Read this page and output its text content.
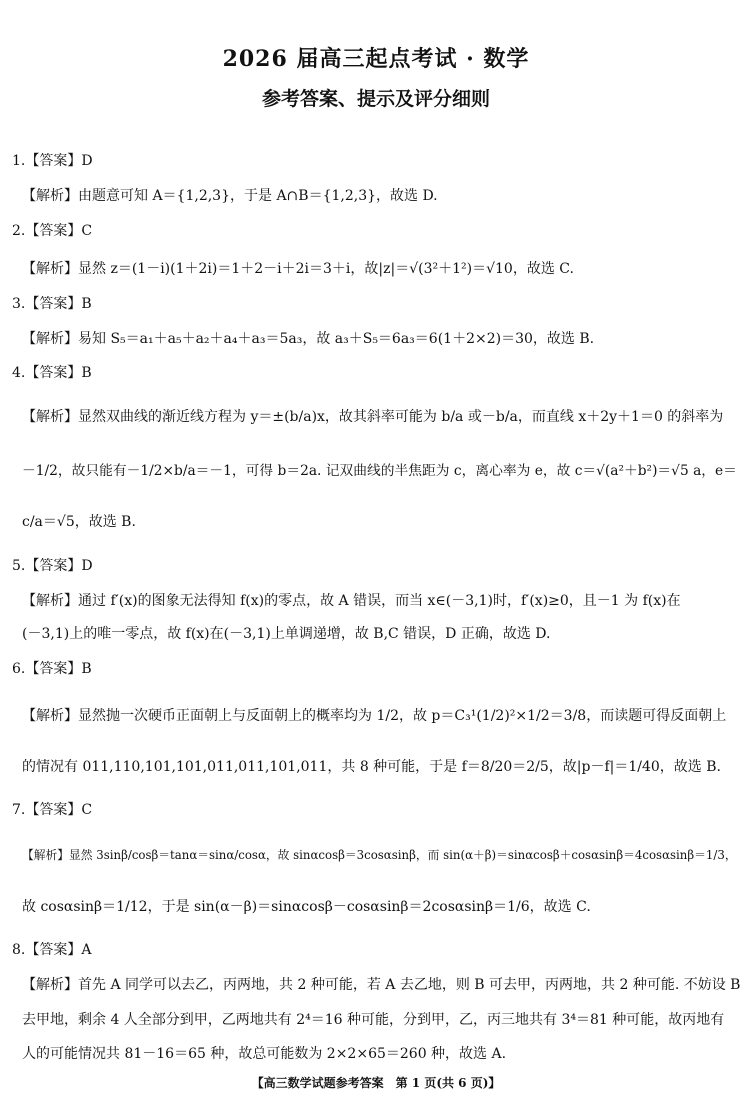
2026 届高三起点考试 · 数学
参考答案、提示及评分细则
1.【答案】D
【解析】由题意可知 A＝{1,2,3}，于是 A∩B＝{1,2,3}，故选 D.
2.【答案】C
【解析】显然 z＝(1－i)(1＋2i)＝1＋2－i＋2i＝3＋i，故|z|＝√(3²＋1²)＝√10，故选 C.
3.【答案】B
【解析】易知 S₅＝a₁＋a₅＋a₂＋a₄＋a₃＝5a₃，故 a₃＋S₅＝6a₃＝6(1＋2×2)＝30，故选 B.
4.【答案】B
【解析】显然双曲线的渐近线方程为 y＝±(b/a)x，故其斜率可能为 b/a 或－b/a，而直线 x＋2y＋1＝0 的斜率为
－1/2，故只能有－1/2×b/a＝－1，可得 b＝2a. 记双曲线的半焦距为 c，离心率为 e，故 c＝√(a²＋b²)＝√5 a，e＝
c/a＝√5，故选 B.
5.【答案】D
【解析】通过 f′(x)的图象无法得知 f(x)的零点，故 A 错误，而当 x∈(－3,1)时，f′(x)≥0，且－1 为 f(x)在
(－3,1)上的唯一零点，故 f(x)在(－3,1)上单调递增，故 B,C 错误，D 正确，故选 D.
6.【答案】B
【解析】显然抛一次硬币正面朝上与反面朝上的概率均为 1/2，故 p＝C₃¹(1/2)²×1/2＝3/8，而读题可得反面朝上
的情况有 011,110,101,101,011,011,101,011，共 8 种可能，于是 f＝8/20＝2/5，故|p－f|＝1/40，故选 B.
7.【答案】C
【解析】显然 3sinβ/cosβ＝tanα＝sinα/cosα，故 sinαcosβ＝3cosαsinβ，而 sin(α＋β)＝sinαcosβ＋cosαsinβ＝4cosαsinβ＝1/3，
故 cosαsinβ＝1/12，于是 sin(α－β)＝sinαcosβ－cosαsinβ＝2cosαsinβ＝1/6，故选 C.
8.【答案】A
【解析】首先 A 同学可以去乙，丙两地，共 2 种可能，若 A 去乙地，则 B 可去甲，丙两地，共 2 种可能. 不妨设 B
去甲地，剩余 4 人全部分到甲，乙两地共有 2⁴＝16 种可能，分到甲，乙，丙三地共有 3⁴＝81 种可能，故丙地有
人的可能情况共 81－16＝65 种，故总可能数为 2×2×65＝260 种，故选 A.
【高三数学试题参考答案　第 1 页(共 6 页)】
